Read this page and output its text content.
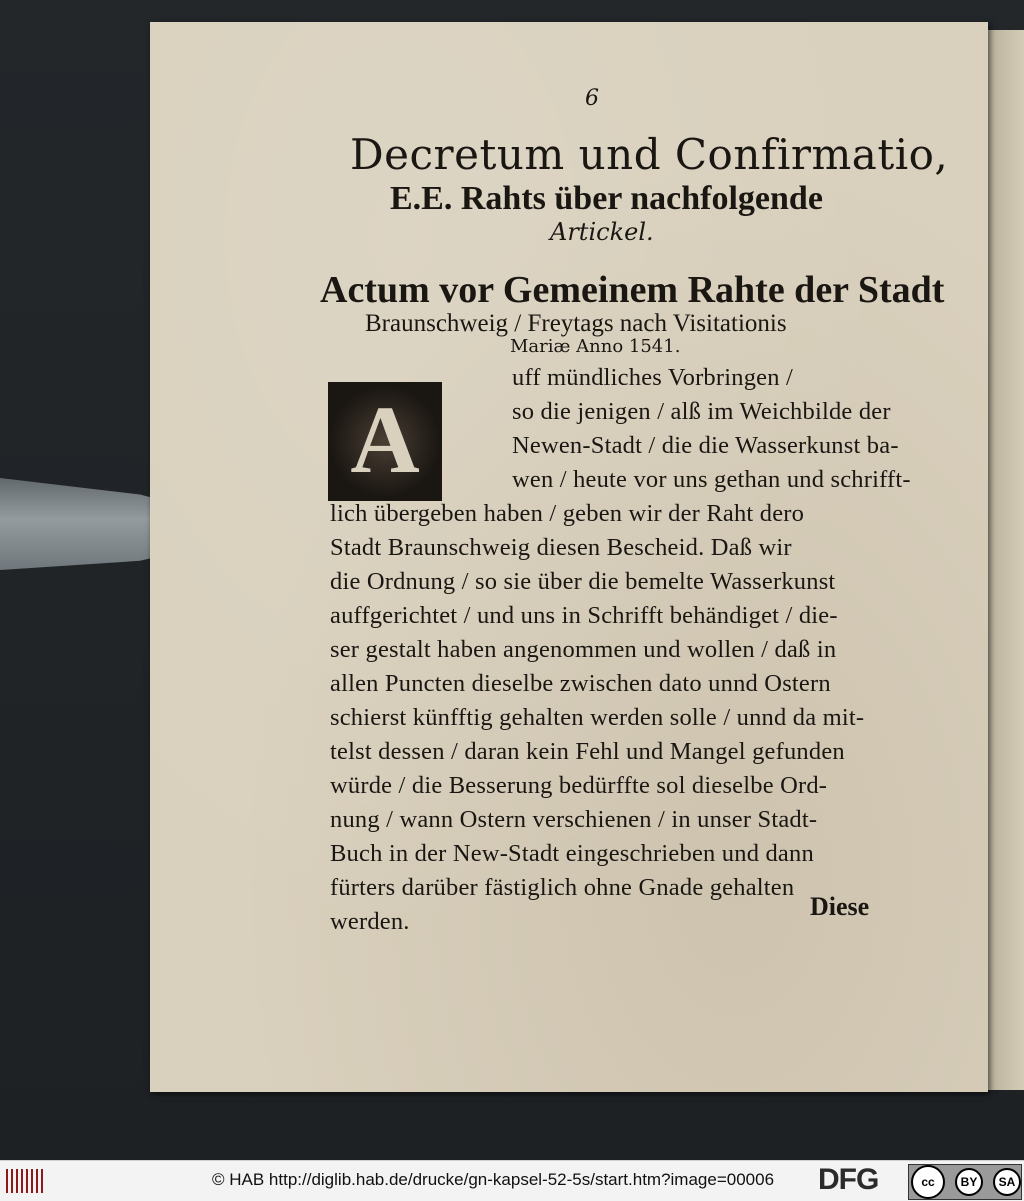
6
Decretum und Confirmatio,
E.E. Rahts über nachfolgende
Artickel.
Actum vor Gemeinem Rahte der Stadt
Braunschweig / Freytags nach Visitationis
Mariæ Anno 1541.
A
uff mündliches Vorbringen /
so die jenigen / alß im Weichbilde der
Newen-Stadt / die die Wasserkunst ba-
wen / heute vor uns gethan und schrifft-
lich übergeben haben / geben wir der Raht dero
Stadt Braunschweig diesen Bescheid. Daß wir
die Ordnung / so sie über die bemelte Wasserkunst
auffgerichtet / und uns in Schrifft behändiget / die-
ser gestalt haben angenommen und wollen / daß in
allen Puncten dieselbe zwischen dato unnd Ostern
schierst künfftig gehalten werden solle / unnd da mit-
telst dessen / daran kein Fehl und Mangel gefunden
würde / die Besserung bedürffte sol dieselbe Ord-
nung / wann Ostern verschienen / in unser Stadt-
Buch in der New-Stadt eingeschrieben und dann
fürters darüber fästiglich ohne Gnade gehalten
werden.
Diese
© HAB http://diglib.hab.de/drucke/gn-kapsel-52-5s/start.htm?image=00006 DFG	cc	BY	SA
